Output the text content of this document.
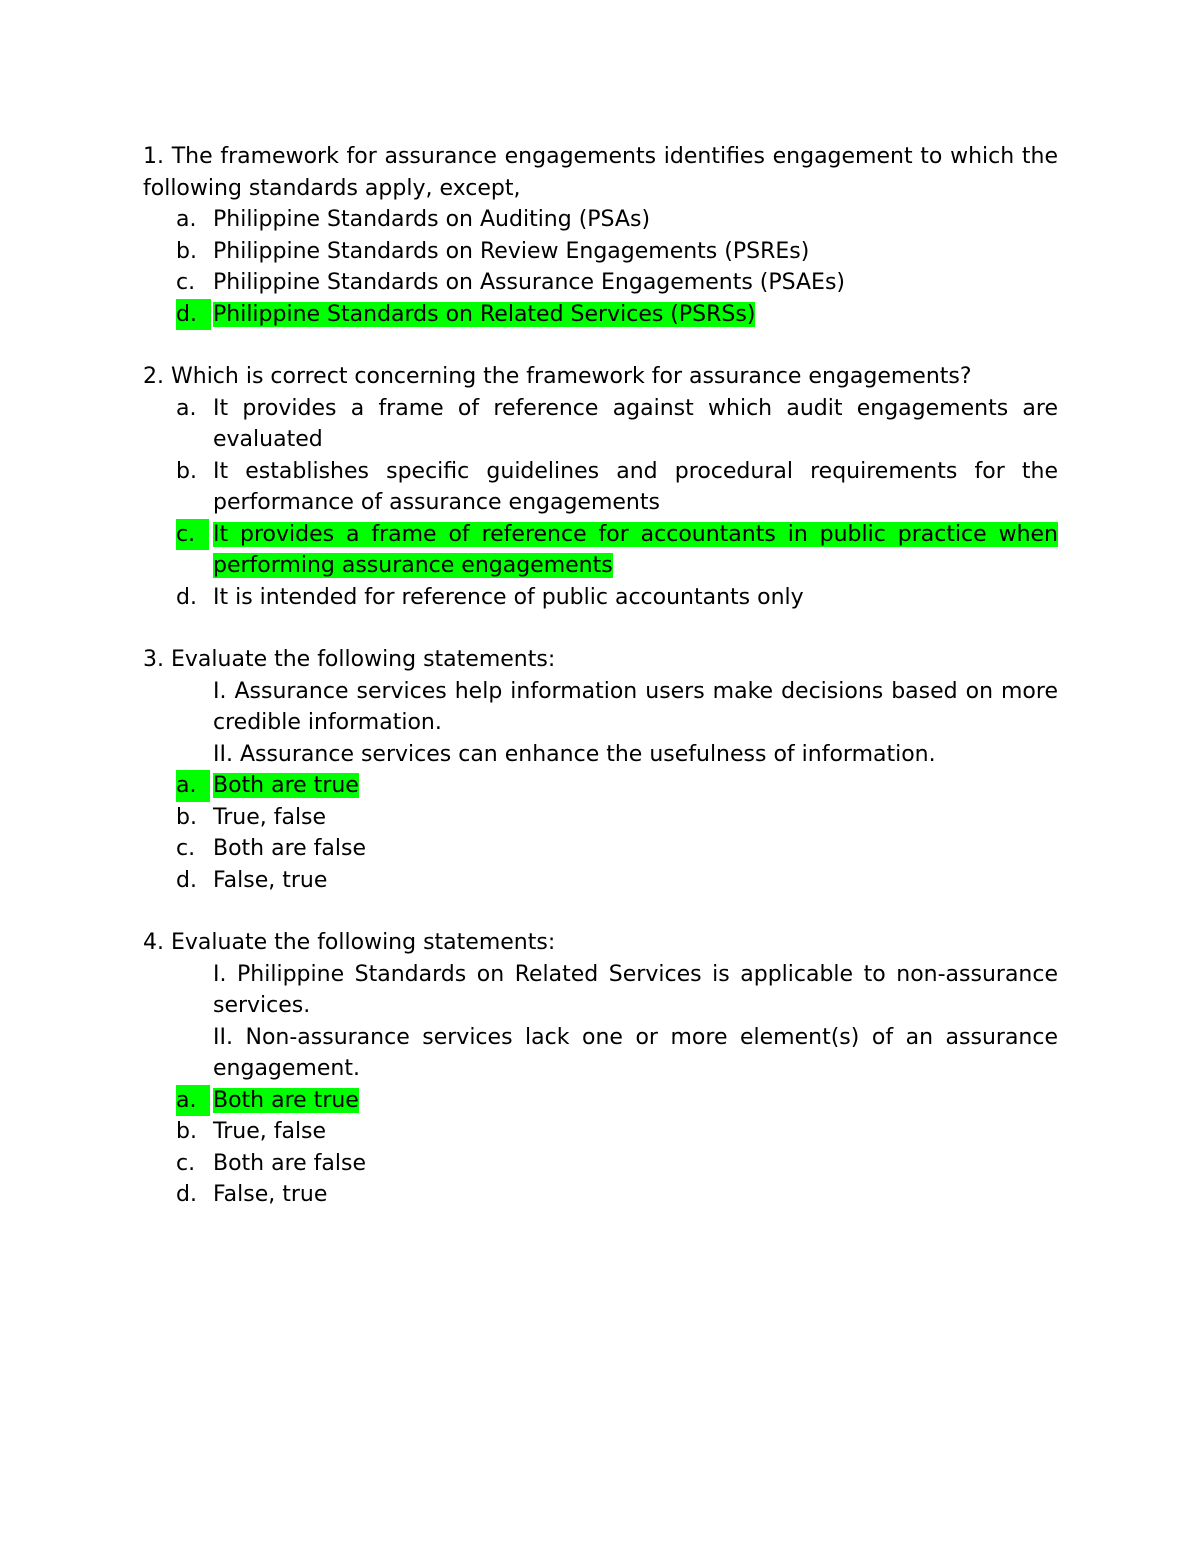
1. The framework for assurance engagements identifies engagement to which the following standards apply, except,
a. Philippine Standards on Auditing (PSAs)
b. Philippine Standards on Review Engagements (PSREs)
c. Philippine Standards on Assurance Engagements (PSAEs)
d. Philippine Standards on Related Services (PSRSs)
2. Which is correct concerning the framework for assurance engagements?
a. It provides a frame of reference against which audit engagements are evaluated
b. It establishes specific guidelines and procedural requirements for the performance of assurance engagements
c. It provides a frame of reference for accountants in public practice when performing assurance engagements
d. It is intended for reference of public accountants only
3. Evaluate the following statements:
I. Assurance services help information users make decisions based on more credible information.
II. Assurance services can enhance the usefulness of information.
a. Both are true
b. True, false
c. Both are false
d. False, true
4. Evaluate the following statements:
I. Philippine Standards on Related Services is applicable to non-assurance services.
II. Non-assurance services lack one or more element(s) of an assurance engagement.
a. Both are true
b. True, false
c. Both are false
d. False, true
